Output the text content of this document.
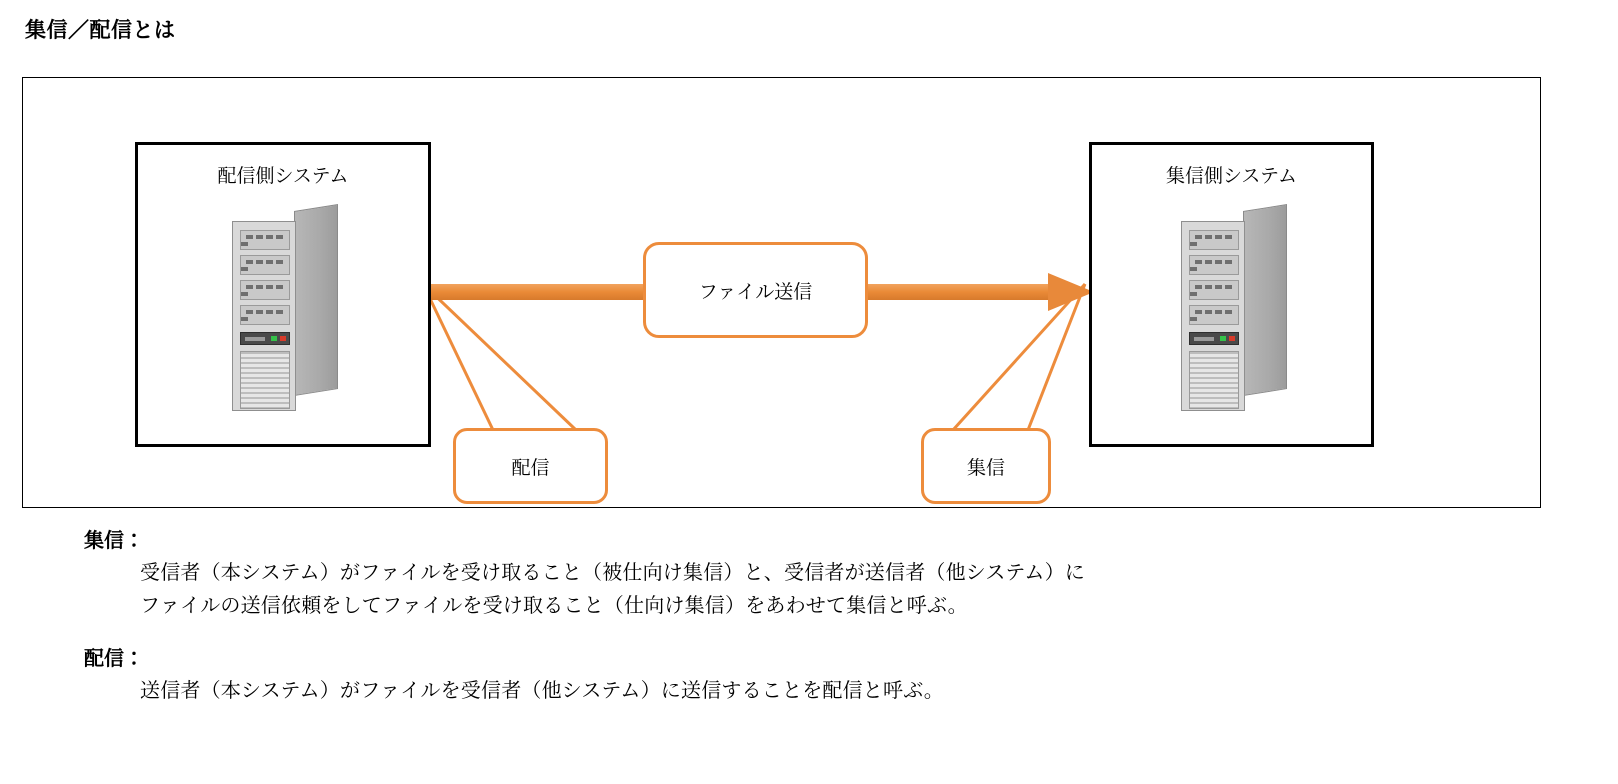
集信／配信とは
配信側システム	集信側システム
ファイル送信
配信	集信
集信：
受信者（本システム）がファイルを受け取ること（被仕向け集信）と、受信者が送信者（他システム）に
ファイルの送信依頼をしてファイルを受け取ること（仕向け集信）をあわせて集信と呼ぶ。
配信：
送信者（本システム）がファイルを受信者（他システム）に送信することを配信と呼ぶ。
